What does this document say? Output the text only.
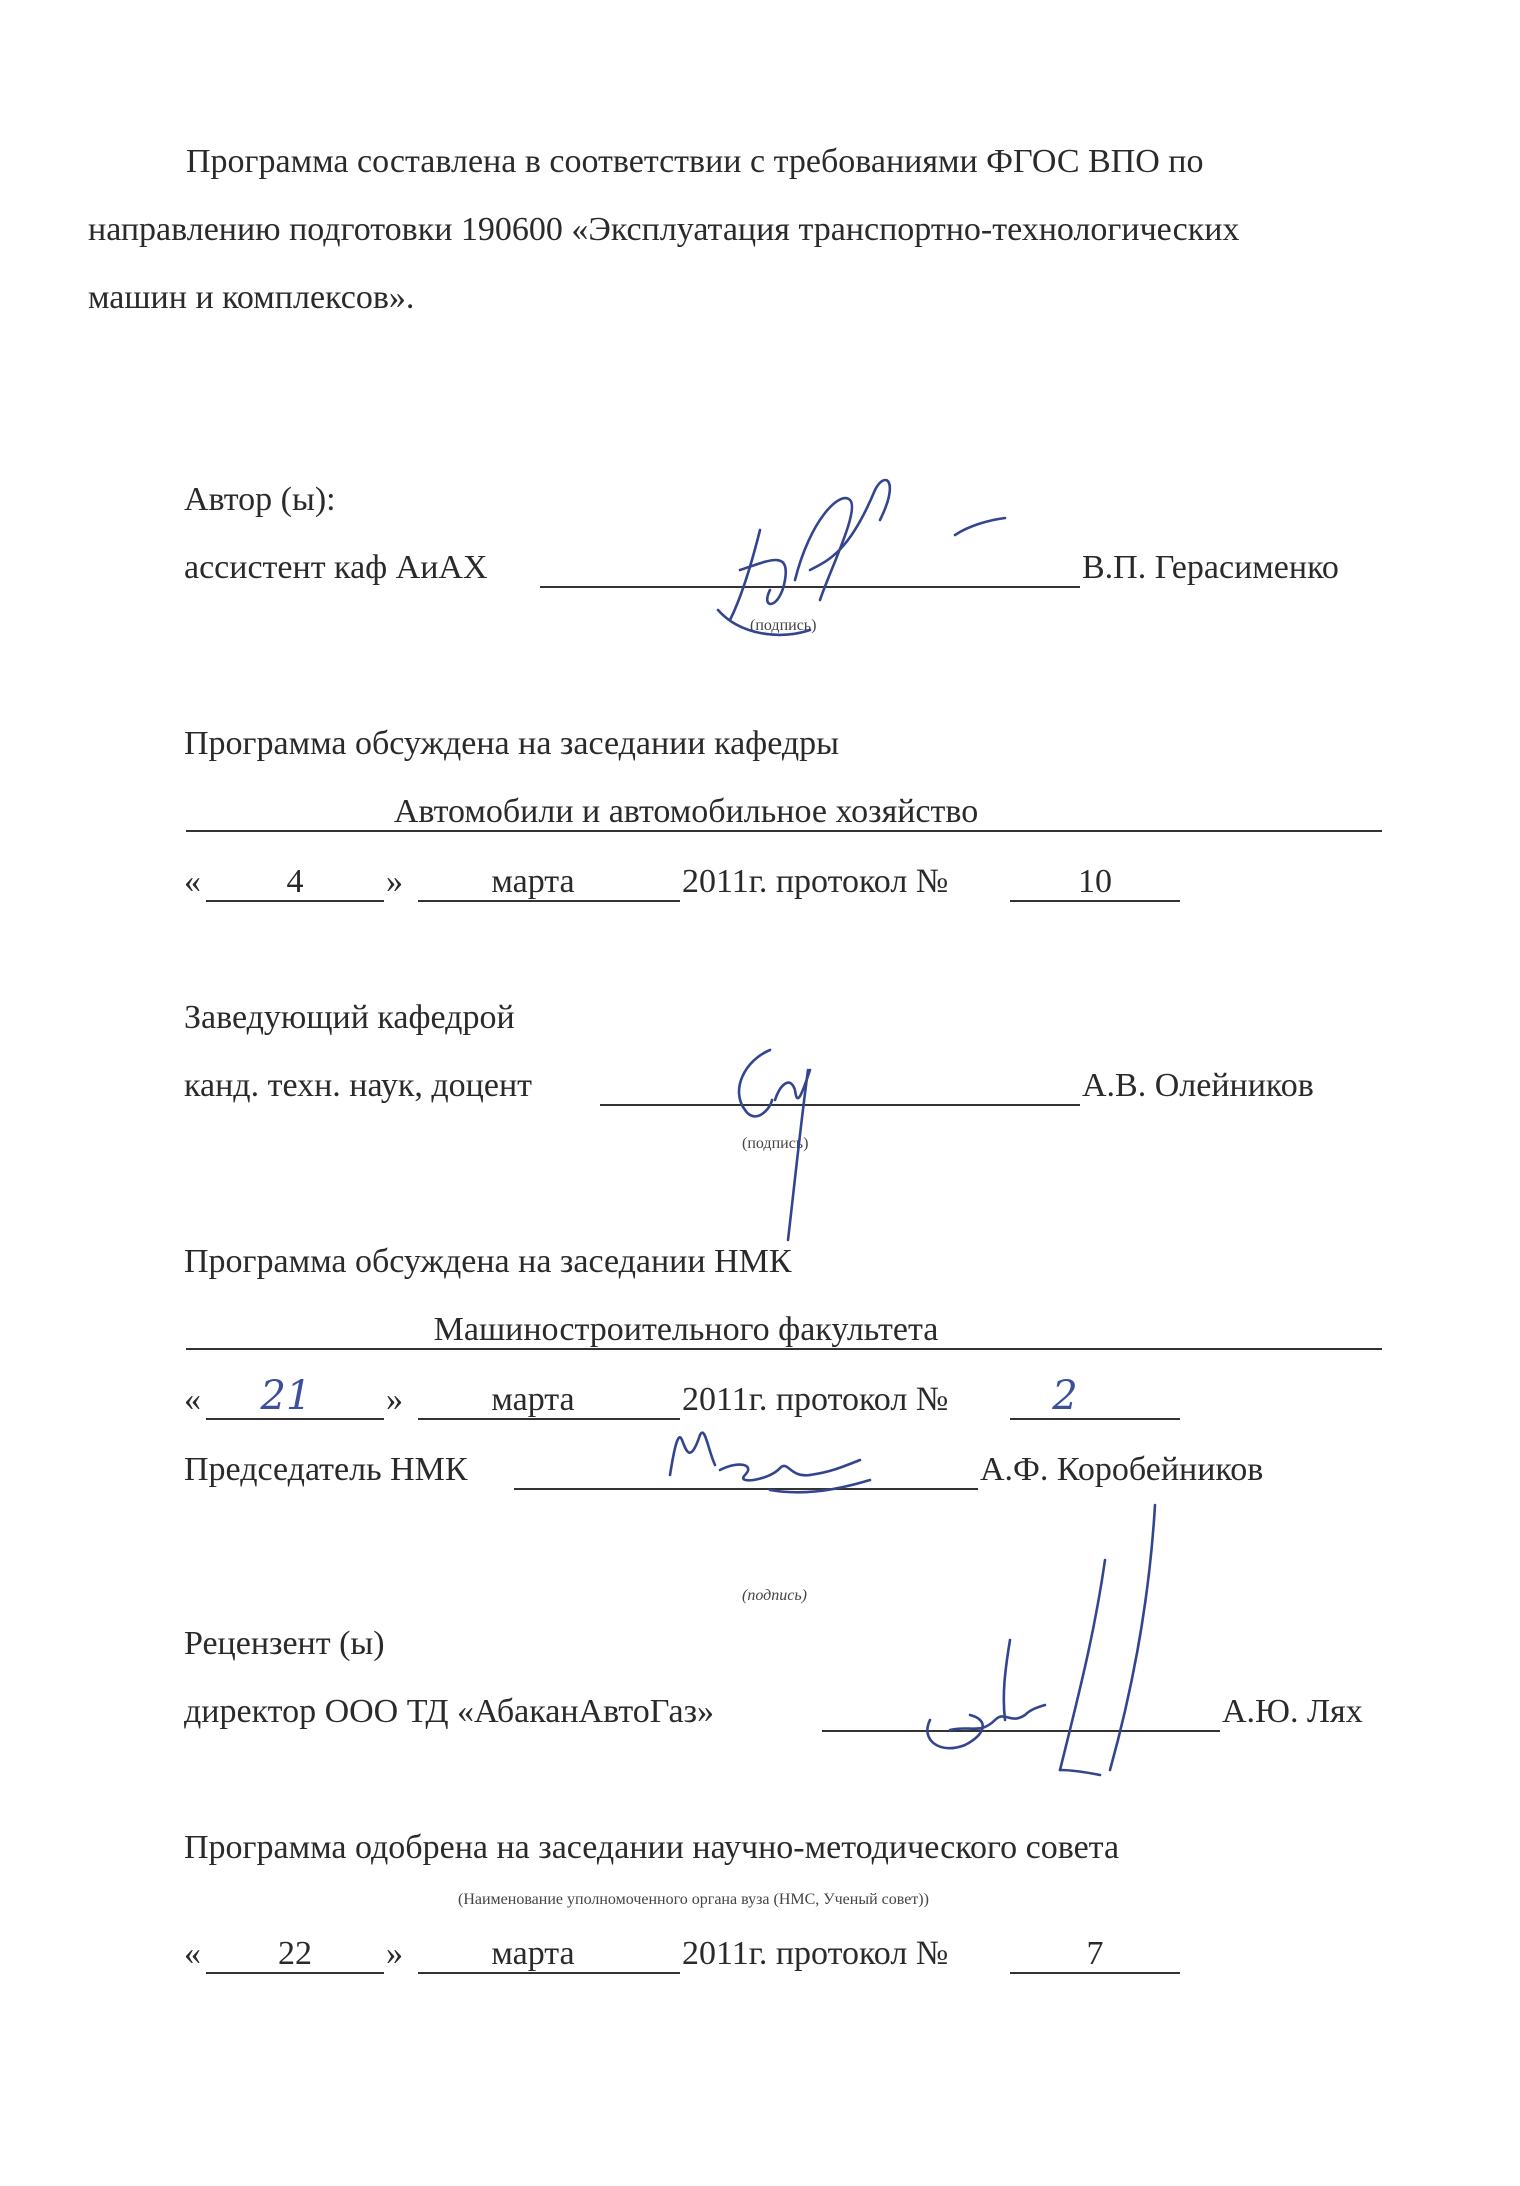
Программа составлена в соответствии с требованиями ФГОС ВПО по
направлению подготовки 190600 «Эксплуатация транспортно-технологических
машин и комплексов».
Автор (ы):
ассистент каф АиАХ	В.П. Герасименко
(подпись)
Программа обсуждена на заседании кафедры
Автомобили и автомобильное хозяйство
«	4	»	марта	2011г. протокол №	10
Заведующий кафедрой
канд. техн. наук, доцент	А.В. Олейников
(подпись)
Программа обсуждена на заседании НМК
Машиностроительного факультета
«	21	»	марта	2011г. протокол №	2
Председатель НМК	А.Ф. Коробейников
(подпись)
Рецензент (ы)
директор ООО ТД «АбаканАвтоГаз»	А.Ю. Лях
Программа одобрена на заседании научно-методического совета
(Наименование уполномоченного органа вуза (НМС, Ученый совет))
«	22	»	марта	2011г. протокол №	7
